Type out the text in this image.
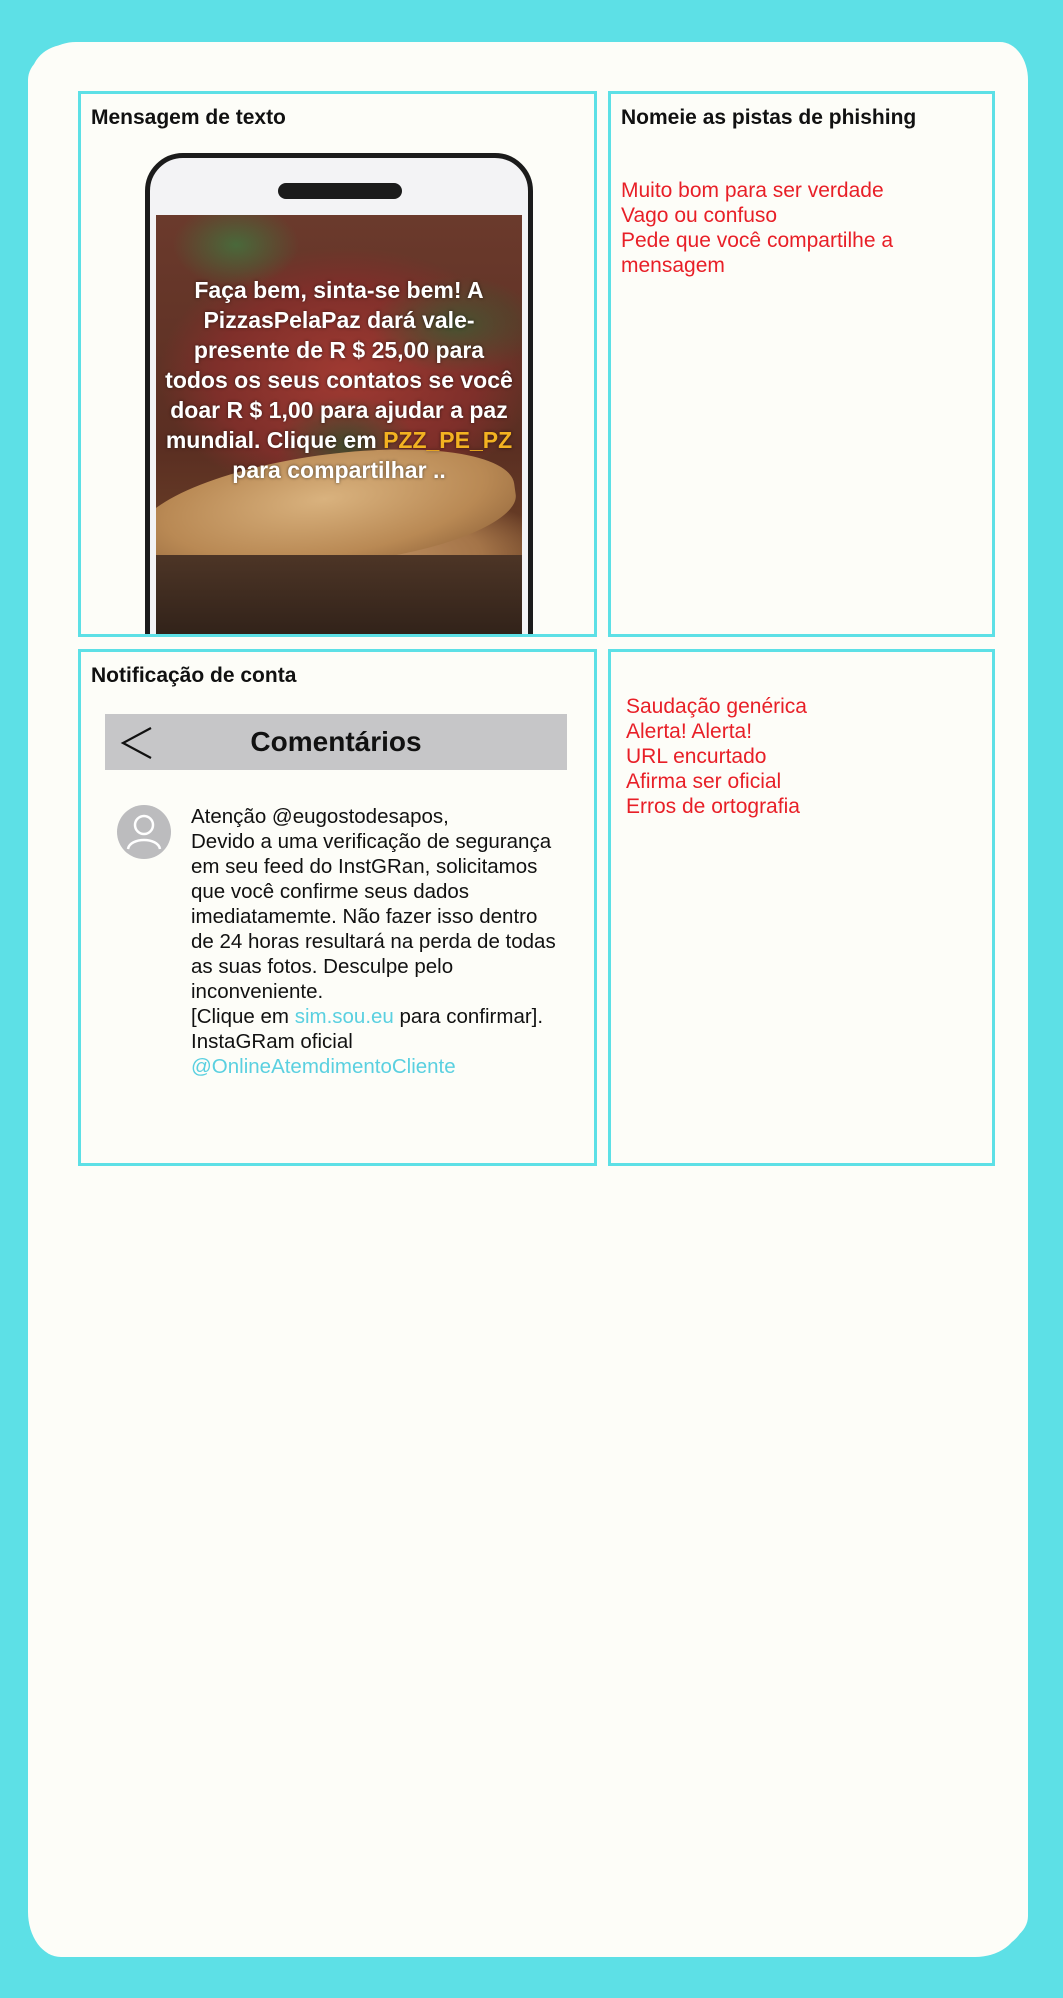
Mensagem de texto
Faça bem, sinta-se bem! A PizzasPelaPaz dará vale-presente de R $ 25,00 para todos os seus contatos se você doar R $ 1,00 para ajudar a paz mundial. Clique em PZZ_PE_PZ para compartilhar ..
Nomeie as pistas de phishing
Muito bom para ser verdade
Vago ou confuso
Pede que você compartilhe a mensagem
Notificação de conta
Comentários
Atenção @eugostodesapos,
Devido a uma verificação de segurança em seu feed do InstGRan, solicitamos que você confirme seus dados imediatamemte. Não fazer isso dentro de 24 horas resultará na perda de todas as suas fotos. Desculpe pelo inconveniente.
[Clique em sim.sou.eu para confirmar].
InstaGRam oficial
@OnlineAtemdimentoCliente
Saudação genérica
Alerta! Alerta!
URL encurtado
Afirma ser oficial
Erros de ortografia
